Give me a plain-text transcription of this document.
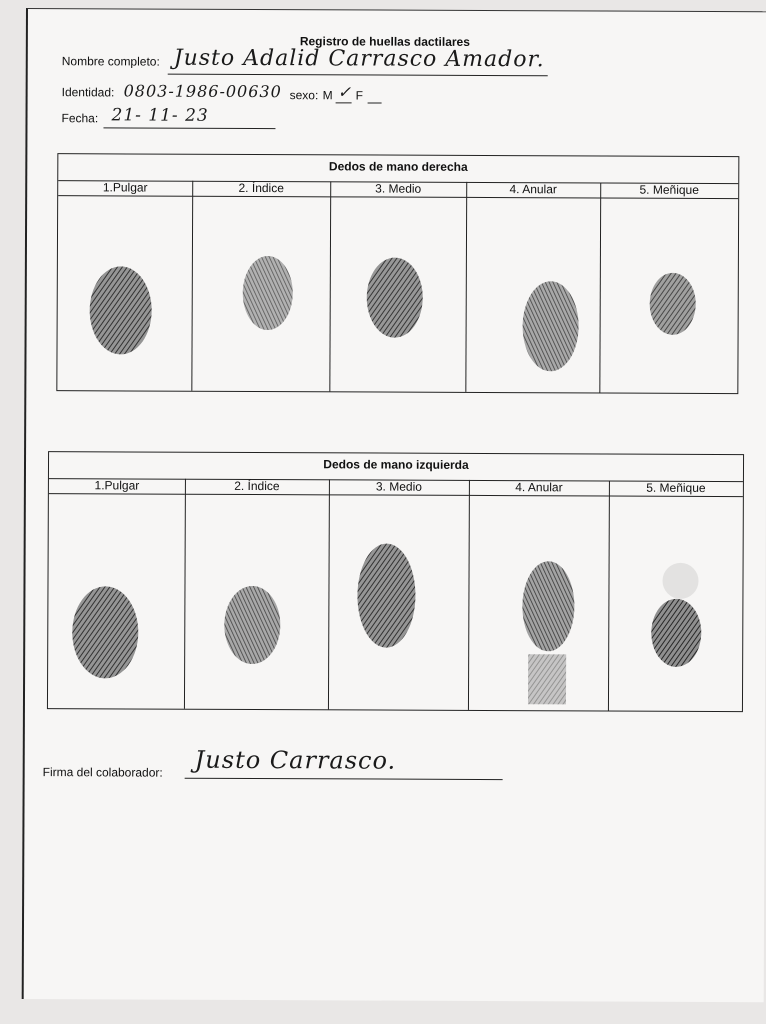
Registro de huellas dactilares
Nombre completo: Justo Adalid Carrasco Amador.
Identidad: 0803-1986-00630 sexo: M ✓ F
Fecha: 21- 11- 23
Dedos de mano derecha
1.Pulgar	2. Índice	3. Medio	4. Anular	5. Meñique
Dedos de mano izquierda
1.Pulgar	2. Índice	3. Medio	4. Anular	5. Meñique
Firma del colaborador: Justo Carrasco.
